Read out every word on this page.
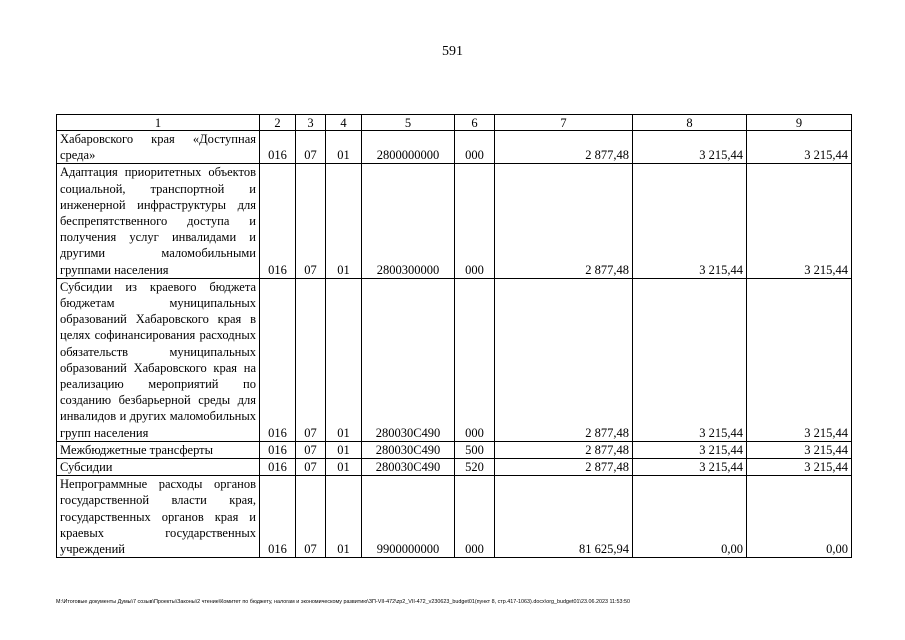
591
1	2	3	4	5	6	7	8	9
Хабаровского края «Доступная среда»	016	07	01	2800000000	000	2 877,48	3 215,44	3 215,44
Адаптация приоритетных объектов социальной, транспортной и инженерной инфраструктуры для беспрепятственного доступа и получения услуг инвалидами и другими маломобильными группами населения	016	07	01	2800300000	000	2 877,48	3 215,44	3 215,44
Субсидии из краевого бюджета бюджетам муниципальных образований Хабаровского края в целях софинансирования расходных обязательств муниципальных образований Хабаровского края на реализацию мероприятий по созданию безбарьерной среды для инвалидов и других маломобильных групп населения	016	07	01	280030С490	000	2 877,48	3 215,44	3 215,44
Межбюджетные трансферты	016	07	01	280030С490	500	2 877,48	3 215,44	3 215,44
Субсидии	016	07	01	280030С490	520	2 877,48	3 215,44	3 215,44
Непрограммные расходы органов государственной власти края, государственных органов края и краевых государственных учреждений	016	07	01	9900000000	000	81 625,94	0,00	0,00
M:\Итоговые документы Думы\7 созыв\Проекты\Законы\2 чтение\Комитет по бюджету, налогам и экономическому развитию\ЗП-VII-472\zp2_VII-472_v230623_budget01(пункт 8, стр.417-1063).docx\org_budget01\23.06.2023 11:53:50
